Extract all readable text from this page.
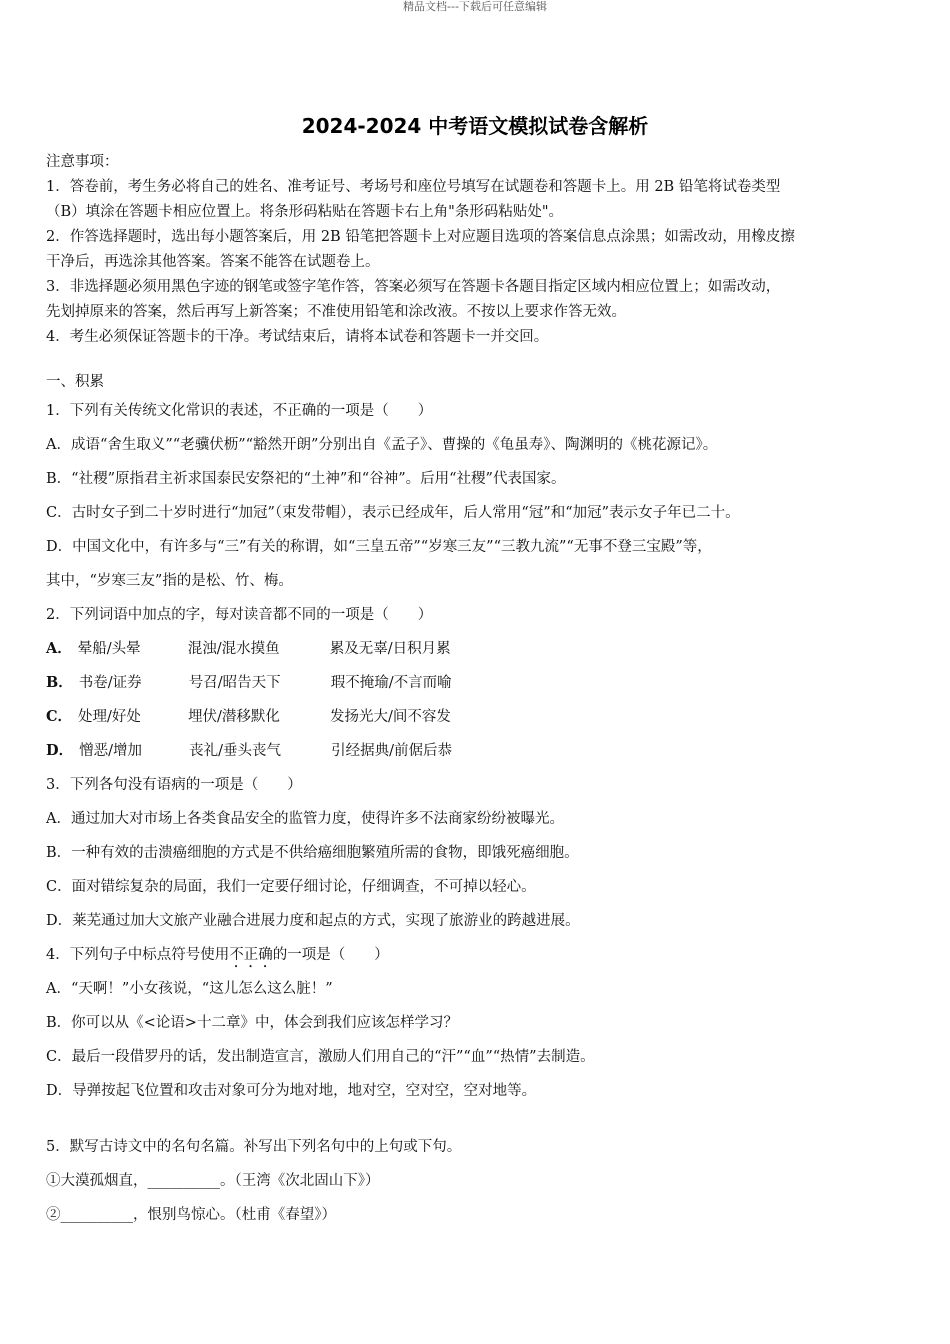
精品文档---下载后可任意编辑
2024-2024 中考语文模拟试卷含解析
注意事项：
1．答卷前，考生务必将自己的姓名、准考证号、考场号和座位号填写在试题卷和答题卡上。用 2B 铅笔将试卷类型
（B）填涂在答题卡相应位置上。将条形码粘贴在答题卡右上角"条形码粘贴处"。
2．作答选择题时，选出每小题答案后，用 2B 铅笔把答题卡上对应题目选项的答案信息点涂黑；如需改动，用橡皮擦
干净后，再选涂其他答案。答案不能答在试题卷上。
3．非选择题必须用黑色字迹的钢笔或签字笔作答，答案必须写在答题卡各题目指定区域内相应位置上；如需改动，
先划掉原来的答案，然后再写上新答案；不准使用铅笔和涂改液。不按以上要求作答无效。
4．考生必须保证答题卡的干净。考试结束后，请将本试卷和答题卡一并交回。
一、积累
1．下列有关传统文化常识的表述，不正确的一项是（　　）
A．成语“舍生取义”“老骥伏枥”“豁然开朗”分别出自《孟子》、曹操的《龟虽寿》、陶渊明的《桃花源记》。
B．“社稷”原指君主祈求国泰民安祭祀的“土神”和“谷神”。后用“社稷”代表国家。
C．古时女子到二十岁时进行“加冠”（束发带帽），表示已经成年，后人常用“冠”和“加冠”表示女子年已二十。
D．中国文化中，有许多与“三”有关的称谓，如“三皇五帝”“岁寒三友”“三教九流”“无事不登三宝殿”等，
其中，“岁寒三友”指的是松、竹、梅。
2．下列词语中加点的字，每对读音都不同的一项是（　　）
A． 晕船/头晕	混浊/混水摸鱼	累及无辜/日积月累
B． 书卷/证券	号召/昭告天下	瑕不掩瑜/不言而喻
C． 处理/好处	埋伏/潜移默化	发扬光大/间不容发
D． 憎恶/增加	丧礼/垂头丧气	引经据典/前倨后恭
3．下列各句没有语病的一项是（　　）
A．通过加大对市场上各类食品安全的监管力度，使得许多不法商家纷纷被曝光。
B．一种有效的击溃癌细胞的方式是不供给癌细胞繁殖所需的食物，即饿死癌细胞。
C．面对错综复杂的局面，我们一定要仔细讨论，仔细调查，不可掉以轻心。
D．莱芜通过加大文旅产业融合进展力度和起点的方式，实现了旅游业的跨越进展。
4．下列句子中标点符号使用不正确的一项是（　　）
A．“天啊！”小女孩说，“这儿怎么这么脏！”
B．你可以从《<论语>十二章》中，体会到我们应该怎样学习？
C．最后一段借罗丹的话，发出制造宣言，激励人们用自己的“汗”“血”“热情”去制造。
D．导弹按起飞位置和攻击对象可分为地对地，地对空，空对空，空对地等。
5．默写古诗文中的名句名篇。补写出下列名句中的上句或下句。
①大漠孤烟直，__________。（王湾《次北固山下》）
②__________，恨别鸟惊心。（杜甫《春望》）
